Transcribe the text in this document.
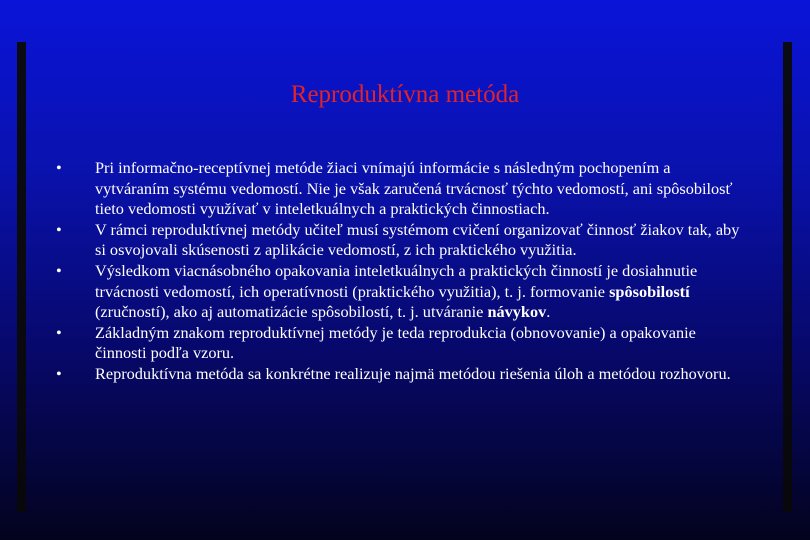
Reproduktívna metóda
• Pri informačno-receptívnej metóde žiaci vnímajú informácie s následným pochopením a vytváraním systému vedomostí. Nie je však zaručená trvácnosť týchto vedomostí, ani spôsobilosť tieto vedomosti využívať v inteletkuálnych a praktických činnostiach.
• V rámci reproduktívnej metódy učiteľ musí systémom cvičení organizovať činnosť žiakov tak, aby si osvojovali skúsenosti z aplikácie vedomostí, z ich praktického využitia.
• Výsledkom viacnásobného opakovania inteletkuálnych a praktických činností je dosiahnutie trvácnosti vedomostí, ich operatívnosti (praktického využitia), t. j. formovanie spôsobilostí (zručností), ako aj automatizácie spôsobilostí, t. j. utváranie návykov.
• Základným znakom reproduktívnej metódy je teda reprodukcia (obnovovanie) a opakovanie činnosti podľa vzoru.
• Reproduktívna metóda sa konkrétne realizuje najmä metódou riešenia úloh a metódou rozhovoru.
